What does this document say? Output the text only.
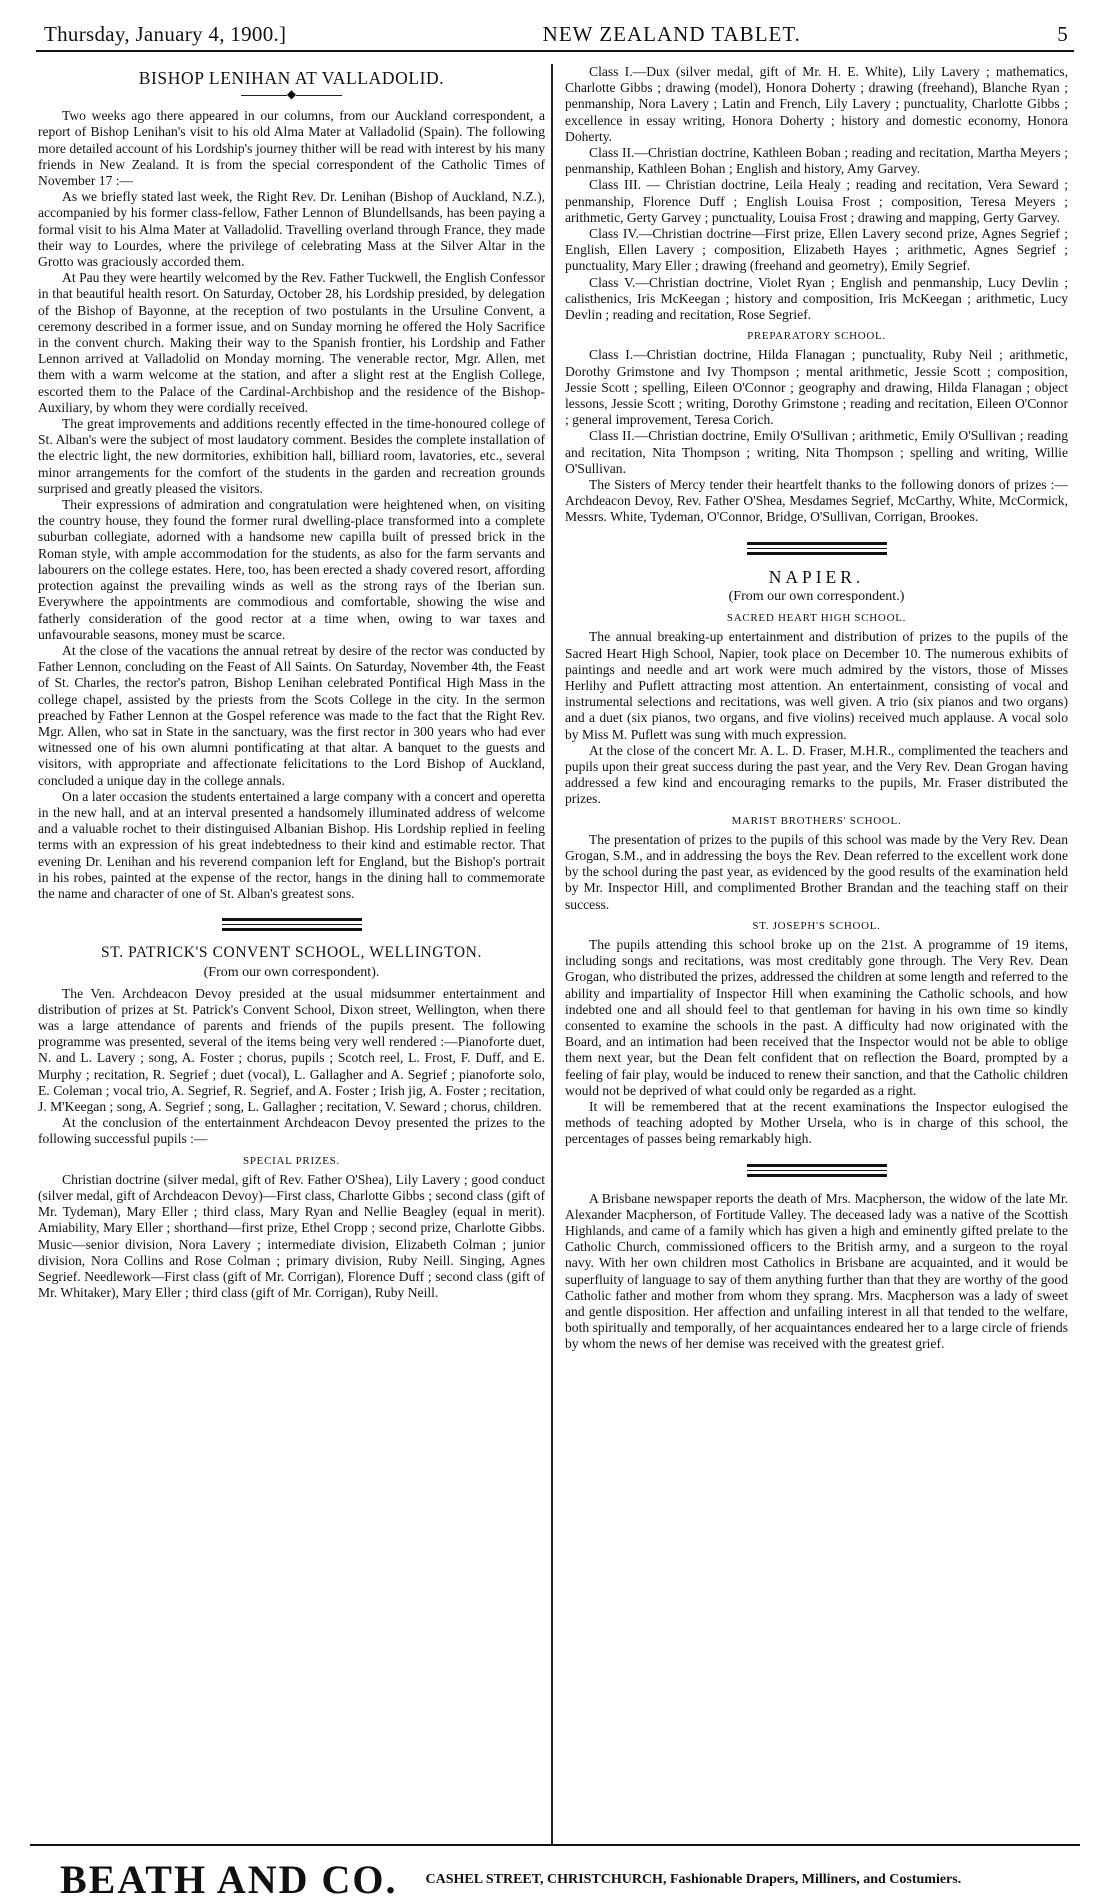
Thursday, January 4, 1900.]	NEW ZEALAND TABLET.	5
BISHOP LENIHAN AT VALLADOLID.
◆

Two weeks ago there appeared in our columns, from our Auckland correspondent, a report of Bishop Lenihan's visit to his old Alma Mater at Valladolid (Spain). The following more detailed account of his Lordship's journey thither will be read with interest by his many friends in New Zealand. It is from the special correspondent of the Catholic Times of November 17 :—

As we briefly stated last week, the Right Rev. Dr. Lenihan (Bishop of Auckland, N.Z.), accompanied by his former class-fellow, Father Lennon of Blundellsands, has been paying a formal visit to his Alma Mater at Valladolid. Travelling overland through France, they made their way to Lourdes, where the privilege of celebrating Mass at the Silver Altar in the Grotto was graciously accorded them.

At Pau they were heartily welcomed by the Rev. Father Tuckwell, the English Confessor in that beautiful health resort. On Saturday, October 28, his Lordship presided, by delegation of the Bishop of Bayonne, at the reception of two postulants in the Ursuline Convent, a ceremony described in a former issue, and on Sunday morning he offered the Holy Sacrifice in the convent church. Making their way to the Spanish frontier, his Lordship and Father Lennon arrived at Valladolid on Monday morning. The venerable rector, Mgr. Allen, met them with a warm welcome at the station, and after a slight rest at the English College, escorted them to the Palace of the Cardinal-Archbishop and the residence of the Bishop-Auxiliary, by whom they were cordially received.

The great improvements and additions recently effected in the time-honoured college of St. Alban's were the subject of most laudatory comment. Besides the complete installation of the electric light, the new dormitories, exhibition hall, billiard room, lavatories, etc., several minor arrangements for the comfort of the students in the garden and recreation grounds surprised and greatly pleased the visitors.

Their expressions of admiration and congratulation were heightened when, on visiting the country house, they found the former rural dwelling-place transformed into a complete suburban collegiate, adorned with a handsome new capilla built of pressed brick in the Roman style, with ample accommodation for the students, as also for the farm servants and labourers on the college estates. Here, too, has been erected a shady covered resort, affording protection against the prevailing winds as well as the strong rays of the Iberian sun. Everywhere the appointments are commodious and comfortable, showing the wise and fatherly consideration of the good rector at a time when, owing to war taxes and unfavourable seasons, money must be scarce.

At the close of the vacations the annual retreat by desire of the rector was conducted by Father Lennon, concluding on the Feast of All Saints. On Saturday, November 4th, the Feast of St. Charles, the rector's patron, Bishop Lenihan celebrated Pontifical High Mass in the college chapel, assisted by the priests from the Scots College in the city. In the sermon preached by Father Lennon at the Gospel reference was made to the fact that the Right Rev. Mgr. Allen, who sat in State in the sanctuary, was the first rector in 300 years who had ever witnessed one of his own alumni pontificating at that altar. A banquet to the guests and visitors, with appropriate and affectionate felicitations to the Lord Bishop of Auckland, concluded a unique day in the college annals.

On a later occasion the students entertained a large company with a concert and operetta in the new hall, and at an interval presented a handsomely illuminated address of welcome and a valuable rochet to their distinguised Albanian Bishop. His Lordship replied in feeling terms with an expression of his great indebtedness to their kind and estimable rector. That evening Dr. Lenihan and his reverend companion left for England, but the Bishop's portrait in his robes, painted at the expense of the rector, hangs in the dining hall to commemorate the name and character of one of St. Alban's greatest sons.

ST. PATRICK'S CONVENT SCHOOL, WELLINGTON.
(From our own correspondent).

The Ven. Archdeacon Devoy presided at the usual midsummer entertainment and distribution of prizes at St. Patrick's Convent School, Dixon street, Wellington, when there was a large attendance of parents and friends of the pupils present. The following programme was presented, several of the items being very well rendered :—Pianoforte duet, N. and L. Lavery ; song, A. Foster ; chorus, pupils ; Scotch reel, L. Frost, F. Duff, and E. Murphy ; recitation, R. Segrief ; duet (vocal), L. Gallagher and A. Segrief ; pianoforte solo, E. Coleman ; vocal trio, A. Segrief, R. Segrief, and A. Foster ; Irish jig, A. Foster ; recitation, J. M'Keegan ; song, A. Segrief ; song, L. Gallagher ; recitation, V. Seward ; chorus, children.

At the conclusion of the entertainment Archdeacon Devoy presented the prizes to the following successful pupils :—

SPECIAL PRIZES.

Christian doctrine (silver medal, gift of Rev. Father O'Shea), Lily Lavery ; good conduct (silver medal, gift of Archdeacon Devoy)—First class, Charlotte Gibbs ; second class (gift of Mr. Tydeman), Mary Eller ; third class, Mary Ryan and Nellie Beagley (equal in merit). Amiability, Mary Eller ; shorthand—first prize, Ethel Cropp ; second prize, Charlotte Gibbs. Music—senior division, Nora Lavery ; intermediate division, Elizabeth Colman ; junior division, Nora Collins and Rose Colman ; primary division, Ruby Neill. Singing, Agnes Segrief. Needlework—First class (gift of Mr. Corrigan), Florence Duff ; second class (gift of Mr. Whitaker), Mary Eller ; third class (gift of Mr. Corrigan), Ruby Neill.

Class I.—Dux (silver medal, gift of Mr. H. E. White), Lily Lavery ; mathematics, Charlotte Gibbs ; drawing (model), Honora Doherty ; drawing (freehand), Blanche Ryan ; penmanship, Nora Lavery ; Latin and French, Lily Lavery ; punctuality, Charlotte Gibbs ; excellence in essay writing, Honora Doherty ; history and domestic economy, Honora Doherty.

Class II.—Christian doctrine, Kathleen Boban ; reading and recitation, Martha Meyers ; penmanship, Kathleen Bohan ; English and history, Amy Garvey.

Class III. — Christian doctrine, Leila Healy ; reading and recitation, Vera Seward ; penmanship, Florence Duff ; English Louisa Frost ; composition, Teresa Meyers ; arithmetic, Gerty Garvey ; punctuality, Louisa Frost ; drawing and mapping, Gerty Garvey.

Class IV.—Christian doctrine—First prize, Ellen Lavery second prize, Agnes Segrief ; English, Ellen Lavery ; composition, Elizabeth Hayes ; arithmetic, Agnes Segrief ; punctuality, Mary Eller ; drawing (freehand and geometry), Emily Segrief.

Class V.—Christian doctrine, Violet Ryan ; English and penmanship, Lucy Devlin ; calisthenics, Iris McKeegan ; history and composition, Iris McKeegan ; arithmetic, Lucy Devlin ; reading and recitation, Rose Segrief.

PREPARATORY SCHOOL.

Class I.—Christian doctrine, Hilda Flanagan ; punctuality, Ruby Neil ; arithmetic, Dorothy Grimstone and Ivy Thompson ; mental arithmetic, Jessie Scott ; composition, Jessie Scott ; spelling, Eileen O'Connor ; geography and drawing, Hilda Flanagan ; object lessons, Jessie Scott ; writing, Dorothy Grimstone ; reading and recitation, Eileen O'Connor ; general improvement, Teresa Corich.

Class II.—Christian doctrine, Emily O'Sullivan ; arithmetic, Emily O'Sullivan ; reading and recitation, Nita Thompson ; writing, Nita Thompson ; spelling and writing, Willie O'Sullivan.

The Sisters of Mercy tender their heartfelt thanks to the following donors of prizes :—Archdeacon Devoy, Rev. Father O'Shea, Mesdames Segrief, McCarthy, White, McCormick, Messrs. White, Tydeman, O'Connor, Bridge, O'Sullivan, Corrigan, Brookes.

NAPIER.
(From our own correspondent.)
SACRED HEART HIGH SCHOOL.

The annual breaking-up entertainment and distribution of prizes to the pupils of the Sacred Heart High School, Napier, took place on December 10. The numerous exhibits of paintings and needle and art work were much admired by the vistors, those of Misses Herlihy and Puflett attracting most attention. An entertainment, consisting of vocal and instrumental selections and recitations, was well given. A trio (six pianos and two organs) and a duet (six pianos, two organs, and five violins) received much applause. A vocal solo by Miss M. Puflett was sung with much expression.

At the close of the concert Mr. A. L. D. Fraser, M.H.R., complimented the teachers and pupils upon their great success during the past year, and the Very Rev. Dean Grogan having addressed a few kind and encouraging remarks to the pupils, Mr. Fraser distributed the prizes.

MARIST BROTHERS' SCHOOL.

The presentation of prizes to the pupils of this school was made by the Very Rev. Dean Grogan, S.M., and in addressing the boys the Rev. Dean referred to the excellent work done by the school during the past year, as evidenced by the good results of the examination held by Mr. Inspector Hill, and complimented Brother Brandan and the teaching staff on their success.

ST. JOSEPH'S SCHOOL.

The pupils attending this school broke up on the 21st. A programme of 19 items, including songs and recitations, was most creditably gone through. The Very Rev. Dean Grogan, who distributed the prizes, addressed the children at some length and referred to the ability and impartiality of Inspector Hill when examining the Catholic schools, and how indebted one and all should feel to that gentleman for having in his own time so kindly consented to examine the schools in the past. A difficulty had now originated with the Board, and an intimation had been received that the Inspector would not be able to oblige them next year, but the Dean felt confident that on reflection the Board, prompted by a feeling of fair play, would be induced to renew their sanction, and that the Catholic children would not be deprived of what could only be regarded as a right.

It will be remembered that at the recent examinations the Inspector eulogised the methods of teaching adopted by Mother Ursela, who is in charge of this school, the percentages of passes being remarkably high.

A Brisbane newspaper reports the death of Mrs. Macpherson, the widow of the late Mr. Alexander Macpherson, of Fortitude Valley. The deceased lady was a native of the Scottish Highlands, and came of a family which has given a high and eminently gifted prelate to the Catholic Church, commissioned officers to the British army, and a surgeon to the royal navy. With her own children most Catholics in Brisbane are acquainted, and it would be superfluity of language to say of them anything further than that they are worthy of the good Catholic father and mother from whom they sprang. Mrs. Macpherson was a lady of sweet and gentle disposition. Her affection and unfailing interest in all that tended to the welfare, both spiritually and temporally, of her acquaintances endeared her to a large circle of friends by whom the news of her demise was received with the greatest grief.

BEATH AND CO. CASHEL STREET, CHRISTCHURCH, Fashionable Drapers, Milliners, and Costumiers.
